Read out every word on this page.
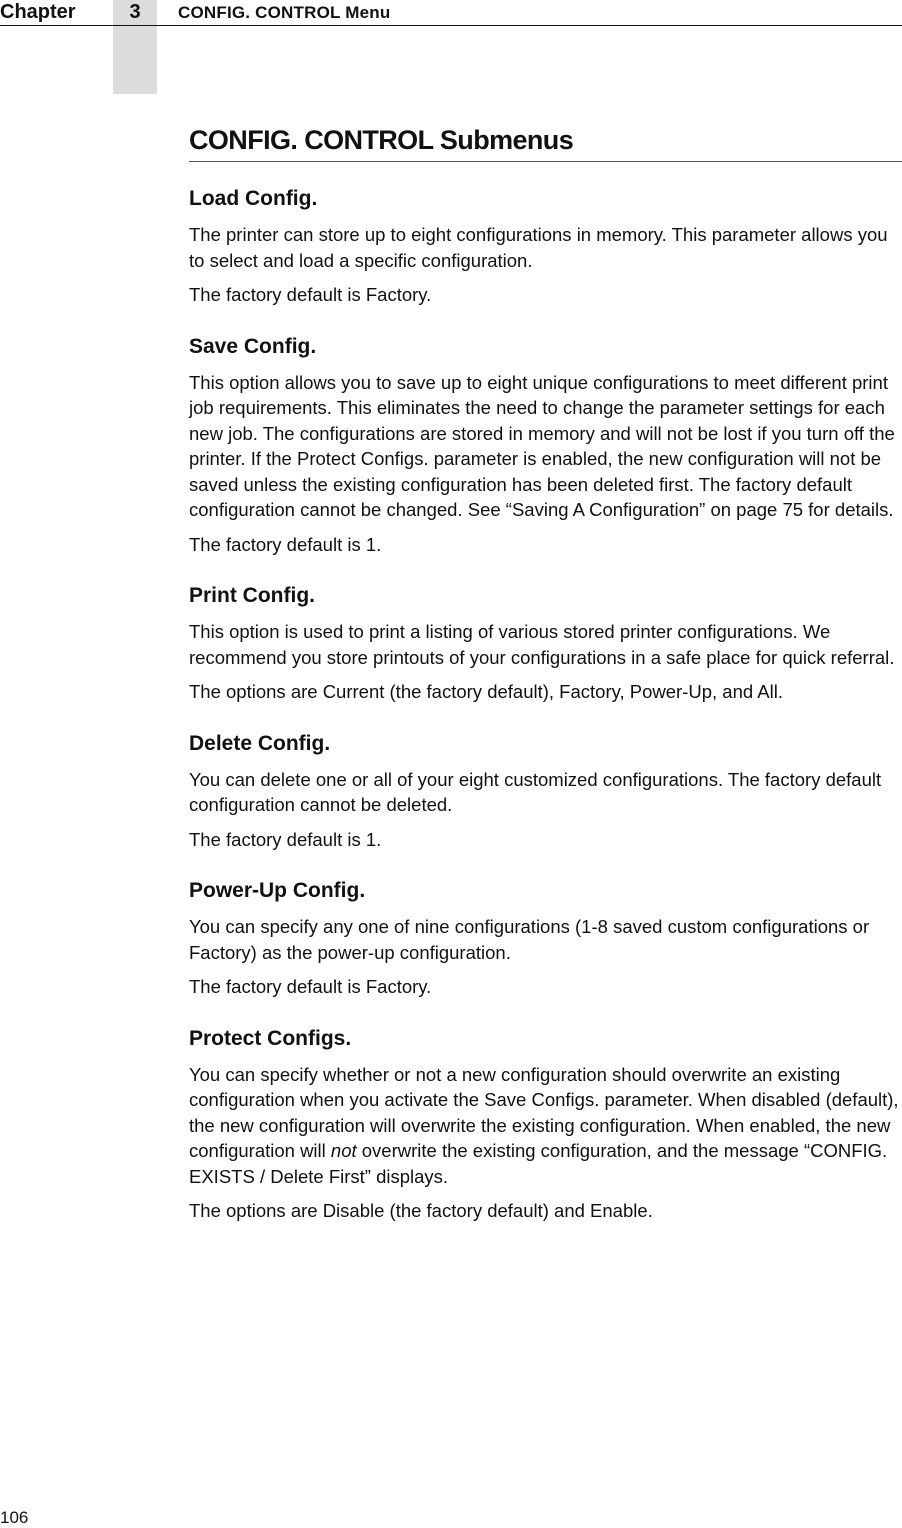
Chapter	3	CONFIG. CONTROL Menu
CONFIG. CONTROL Submenus
Load Config.

The printer can store up to eight configurations in memory. This parameter allows you to select and load a specific configuration.

The factory default is Factory.

Save Config.

This option allows you to save up to eight unique configurations to meet different print job requirements. This eliminates the need to change the parameter settings for each new job. The configurations are stored in memory and will not be lost if you turn off the printer. If the Protect Configs. parameter is enabled, the new configuration will not be saved unless the existing configuration has been deleted first. The factory default configuration cannot be changed. See “Saving A Configuration” on page 75 for details.

The factory default is 1.

Print Config.

This option is used to print a listing of various stored printer configurations. We recommend you store printouts of your configurations in a safe place for quick referral.

The options are Current (the factory default), Factory, Power-Up, and All.

Delete Config.

You can delete one or all of your eight customized configurations. The factory default configuration cannot be deleted.

The factory default is 1.

Power-Up Config.

You can specify any one of nine configurations (1-8 saved custom configurations or Factory) as the power-up configuration.

The factory default is Factory.

Protect Configs.

You can specify whether or not a new configuration should overwrite an existing configuration when you activate the Save Configs. parameter. When disabled (default), the new configuration will overwrite the existing configuration. When enabled, the new configuration will not overwrite the existing configuration, and the message “CONFIG. EXISTS / Delete First” displays.

The options are Disable (the factory default) and Enable.

106
